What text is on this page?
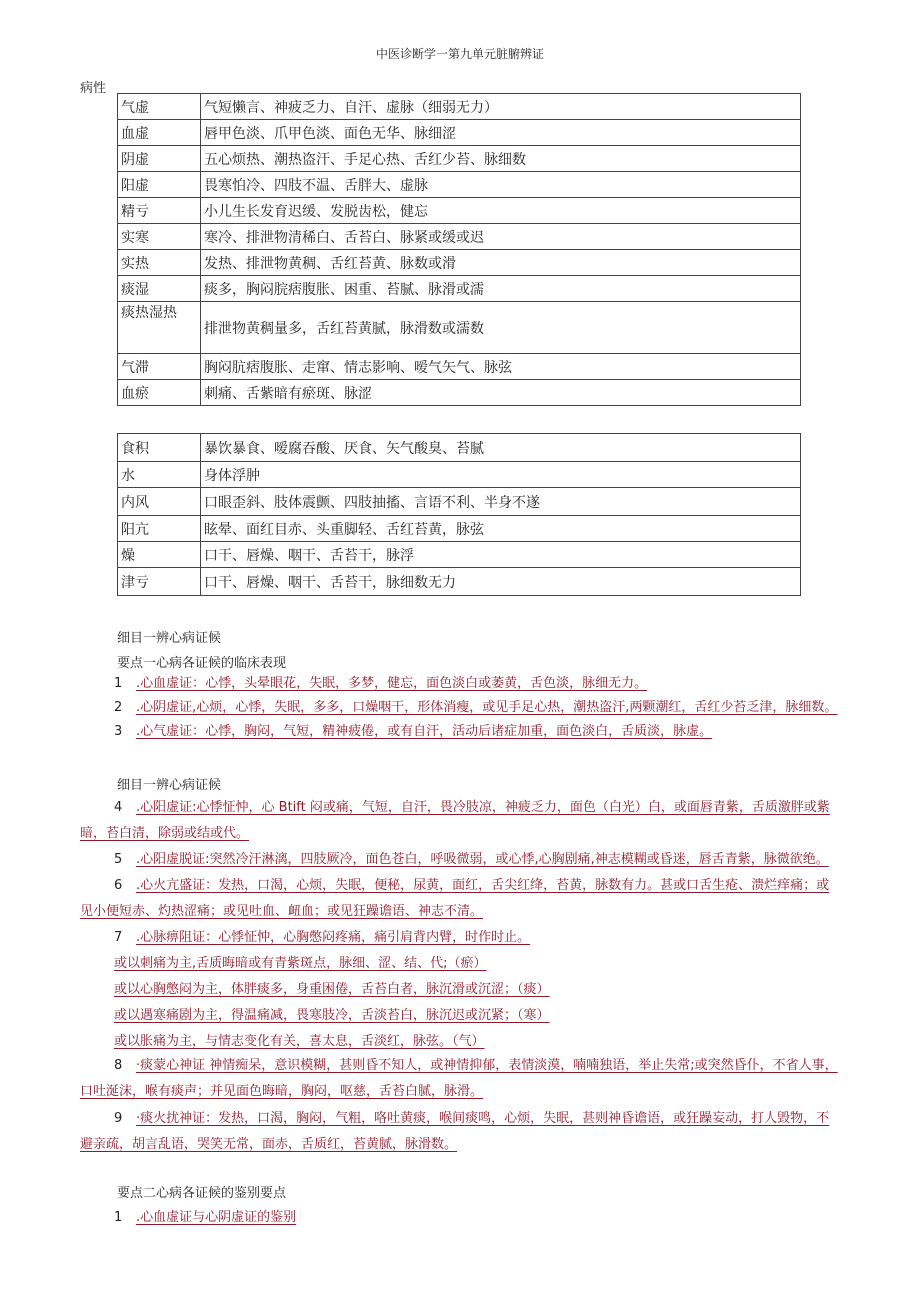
中医诊断学一第九单元脏腑辨证
病性
气虚	气短懒言、神疲乏力、自汗、虚脉（细弱无力）
血虚	唇甲色淡、爪甲色淡、面色无华、脉细涩
阴虚	五心烦热、潮热盗汗、手足心热、舌红少苔、脉细数
阳虚	畏寒怕冷、四肢不温、舌胖大、虚脉
精亏	小儿生长发育迟缓、发脱齿松，健忘
实寒	寒冷、排泄物清稀白、舌苔白、脉紧或缓或迟
实热	发热、排泄物黄稠、舌红苔黄、脉数或滑
痰湿	痰多，胸闷脘痞腹胀、困重、苔腻、脉滑或濡
痰热湿热	排泄物黄稠量多，舌红苔黄腻，脉滑数或濡数
气滞	胸闷肮痞腹胀、走窜、情志影响、嗳气矢气、脉弦
血瘀	刺痛、舌紫暗有瘀斑、脉涩
食积	暴饮暴食、嗳腐吞酸、厌食、矢气酸臭、苔腻
水	身体浮肿
内风	口眼歪斜、肢体震颤、四肢抽搐、言语不利、半身不遂
阳亢	眩晕、面红目赤、头重脚轻、舌红苔黄，脉弦
燥	口干、唇燥、咽干、舌苔干，脉浮
津亏	口干、唇燥、咽干、舌苔干，脉细数无力
细目一辨心病证候
要点一心病各证候的临床表现
1 .心血虚证：心悸，头晕眼花，失眠，多梦，健忘，面色淡白或萎黄，舌色淡，脉细无力。
2 .心阴虚证,心烦，心悸，失眠，多多，口燥咽干，形体消瘦，或见手足心热，潮热盗汗,两颗潮红，舌红少苔乏津，脉细数。
3 .心气虚证：心悸，胸闷，气短，精神疲倦，或有自汗，活动后诸症加重，面色淡白，舌质淡，脉虚。
细目一辨心病证候
4 .心阳虚证:心悸怔忡，心 Btift 闷或痛，气短，自汗，畏冷肢凉，神疲乏力，面色（白光）白，或面唇青紫，舌质激胖或紫
暗，苔白清，除弱或结或代。
5 .心阳虚脱证:突然冷汗淋漓，四肢厥冷，面色苍白，呼吸微弱，或心悸,心胸剧痛,神志模糊或昏迷，唇舌青紫，脉微欲绝。
6 .心火亢盛证：发热，口渴，心烦，失眠，便秘，尿黄，面红，舌尖红绛，苔黄，脉数有力。甚或口舌生疮、溃烂痒痛；或
见小便短赤、灼热涩痛；或见吐血、衄血；或见狂躁谵语、神志不清。
7 .心脉痹阻证：心悸怔忡，心胸憋闷疼痛，痛引肩背内臂，时作时止。
或以刺痛为主,舌质晦暗或有青紫斑点，脉细、涩、结、代;（瘀）
或以心胸憋闷为主，体胖痰多，身重困倦，舌苔白者，脉沉滑或沉涩；（痰）
或以遇寒痛剧为主，得温痛减，畏寒肢冷，舌淡苔白，脉沉迟或沉紧；（寒）
或以胀痛为主，与情志变化有关，喜太息，舌淡红，脉弦。（气）
8 ·痰蒙心神证 神情痴呆，意识模糊，甚则昏不知人，或神情抑郁，表情淡漠，喃喃独语，举止失常;或突然昏仆，不省人事，
口吐涎沫，喉有痰声；并见面色晦暗，胸闷，呕慈，舌苔白腻，脉滑。
9 ·痰火扰神证：发热，口渴，胸闷，气粗，咯吐黄痰，喉间痰鸣，心烦，失眠，甚则神昏谵语，或狂躁妄动，打人毁物，不
避亲疏，胡言乱语，哭笑无常，面赤，舌质红，苔黄腻，脉滑数。
要点二心病各证候的鉴别要点
1 .心血虚证与心阴虚证的鉴别
